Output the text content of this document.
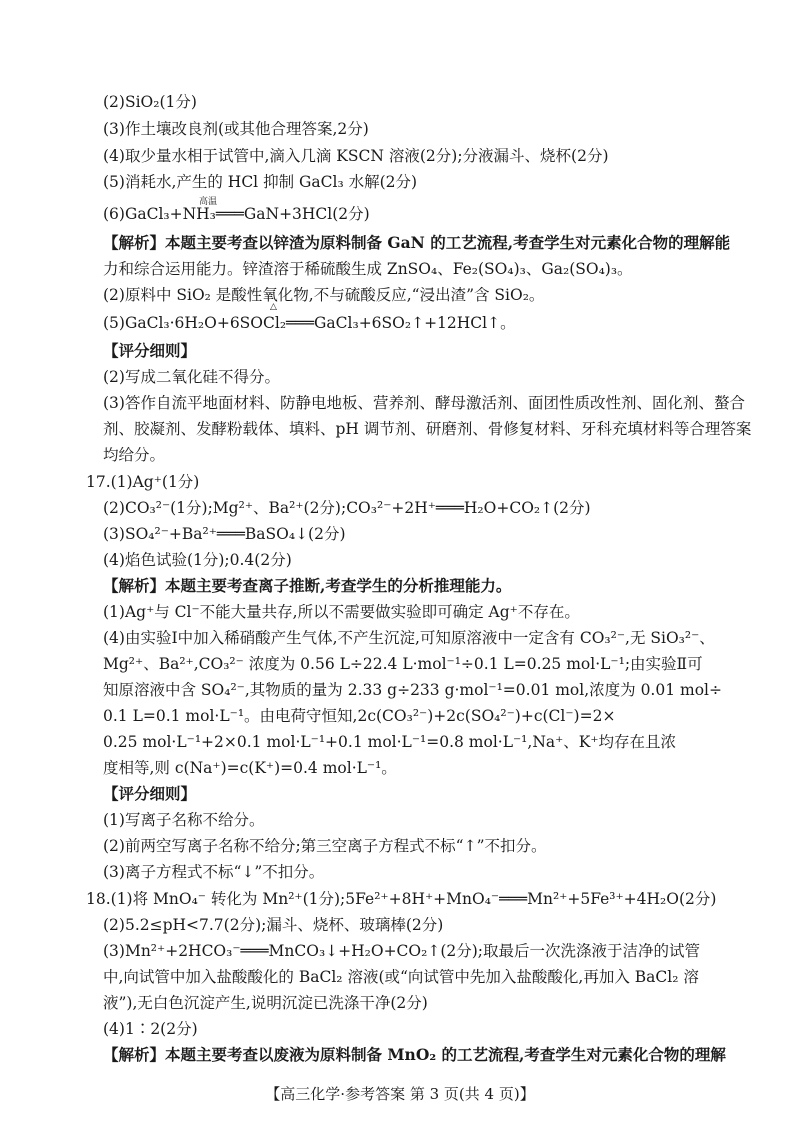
(2)SiO₂(1分)
(3)作土壤改良剂(或其他合理答案,2分)
(4)取少量水相于试管中,滴入几滴 KSCN 溶液(2分);分液漏斗、烧杯(2分)
(5)消耗水,产生的 HCl 抑制 GaCl₃ 水解(2分)
高温
(6)GaCl₃+NH₃═══GaN+3HCl(2分)
【解析】本题主要考查以锌渣为原料制备 GaN 的工艺流程,考查学生对元素化合物的理解能
力和综合运用能力。锌渣溶于稀硫酸生成 ZnSO₄、Fe₂(SO₄)₃、Ga₂(SO₄)₃。
(2)原料中 SiO₂ 是酸性氧化物,不与硫酸反应,“浸出渣”含 SiO₂。
△
(5)GaCl₃·6H₂O+6SOCl₂═══GaCl₃+6SO₂↑+12HCl↑。
【评分细则】
(2)写成二氧化硅不得分。
(3)答作自流平地面材料、防静电地板、营养剂、酵母激活剂、面团性质改性剂、固化剂、螯合
剂、胶凝剂、发酵粉载体、填料、pH 调节剂、研磨剂、骨修复材料、牙科充填材料等合理答案
均给分。
17.(1)Ag⁺(1分)
(2)CO₃²⁻(1分);Mg²⁺、Ba²⁺(2分);CO₃²⁻+2H⁺═══H₂O+CO₂↑(2分)
(3)SO₄²⁻+Ba²⁺═══BaSO₄↓(2分)
(4)焰色试验(1分);0.4(2分)
【解析】本题主要考查离子推断,考查学生的分析推理能力。
(1)Ag⁺与 Cl⁻不能大量共存,所以不需要做实验即可确定 Ag⁺不存在。
(4)由实验Ⅰ中加入稀硝酸产生气体,不产生沉淀,可知原溶液中一定含有 CO₃²⁻,无 SiO₃²⁻、
Mg²⁺、Ba²⁺,CO₃²⁻ 浓度为 0.56 L÷22.4 L·mol⁻¹÷0.1 L=0.25 mol·L⁻¹;由实验Ⅱ可
知原溶液中含 SO₄²⁻,其物质的量为 2.33 g÷233 g·mol⁻¹=0.01 mol,浓度为 0.01 mol÷
0.1 L=0.1 mol·L⁻¹。由电荷守恒知,2c(CO₃²⁻)+2c(SO₄²⁻)+c(Cl⁻)=2×
0.25 mol·L⁻¹+2×0.1 mol·L⁻¹+0.1 mol·L⁻¹=0.8 mol·L⁻¹,Na⁺、K⁺均存在且浓
度相等,则 c(Na⁺)=c(K⁺)=0.4 mol·L⁻¹。
【评分细则】
(1)写离子名称不给分。
(2)前两空写离子名称不给分;第三空离子方程式不标“↑”不扣分。
(3)离子方程式不标“↓”不扣分。
18.(1)将 MnO₄⁻ 转化为 Mn²⁺(1分);5Fe²⁺+8H⁺+MnO₄⁻═══Mn²⁺+5Fe³⁺+4H₂O(2分)
(2)5.2≤pH<7.7(2分);漏斗、烧杯、玻璃棒(2分)
(3)Mn²⁺+2HCO₃⁻═══MnCO₃↓+H₂O+CO₂↑(2分);取最后一次洗涤液于洁净的试管
中,向试管中加入盐酸酸化的 BaCl₂ 溶液(或“向试管中先加入盐酸酸化,再加入 BaCl₂ 溶
液”),无白色沉淀产生,说明沉淀已洗涤干净(2分)
(4)1∶2(2分)
【解析】本题主要考查以废液为原料制备 MnO₂ 的工艺流程,考查学生对元素化合物的理解
【高三化学·参考答案 第 3 页(共 4 页)】
